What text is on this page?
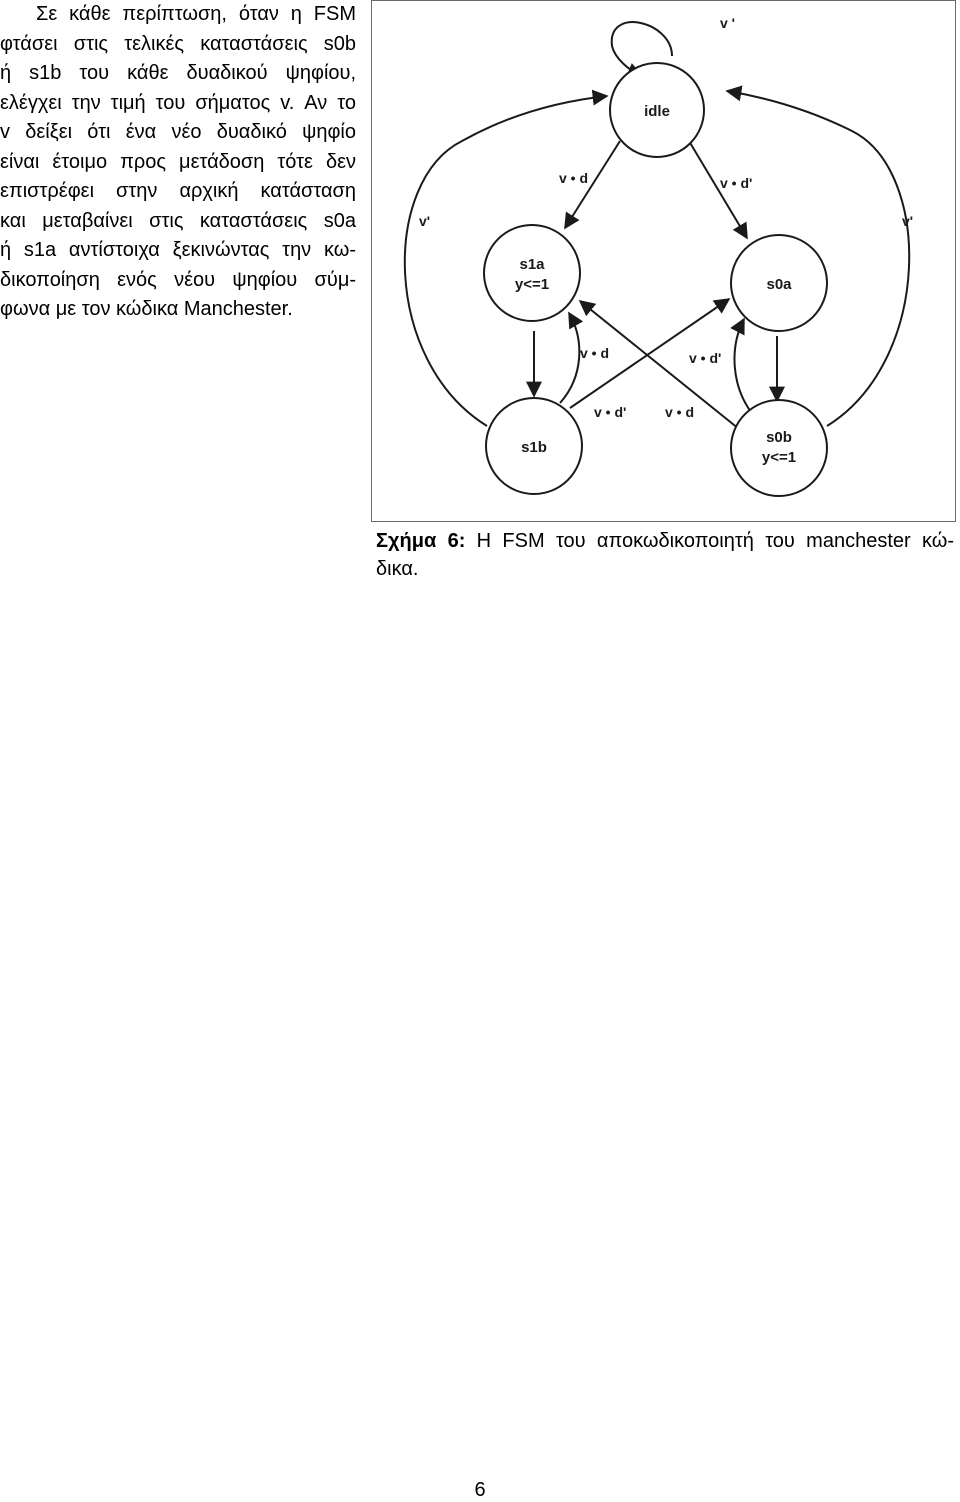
Σε κάθε περίπτωση, όταν η FSM
φτάσει στις τελικές καταστάσεις s0b
ή s1b του κάθε δυαδικού ψηφίου,
ελέγχει την τιμή του σήματος v. Αν το
v δείξει ότι ένα νέο δυαδικό ψηφίο
είναι έτοιμο προς μετάδοση τότε δεν
επιστρέφει στην αρχική κατάσταση
και μεταβαίνει στις καταστάσεις s0a
ή s1a αντίστοιχα ξεκινώντας την κω-
δικοποίηση ενός νέου ψηφίου σύμ-
φωνα με τον κώδικα Manchester.
idle
s1a
y<=1	s0a
s1b
s0b
y<=1
v '
v • d	v • d'
v'	v'
v • d	v • d'
v • d'	v • d
Σχήμα 6: Η FSM του αποκωδικοποιητή του manchester κώ-
δικα.
6
